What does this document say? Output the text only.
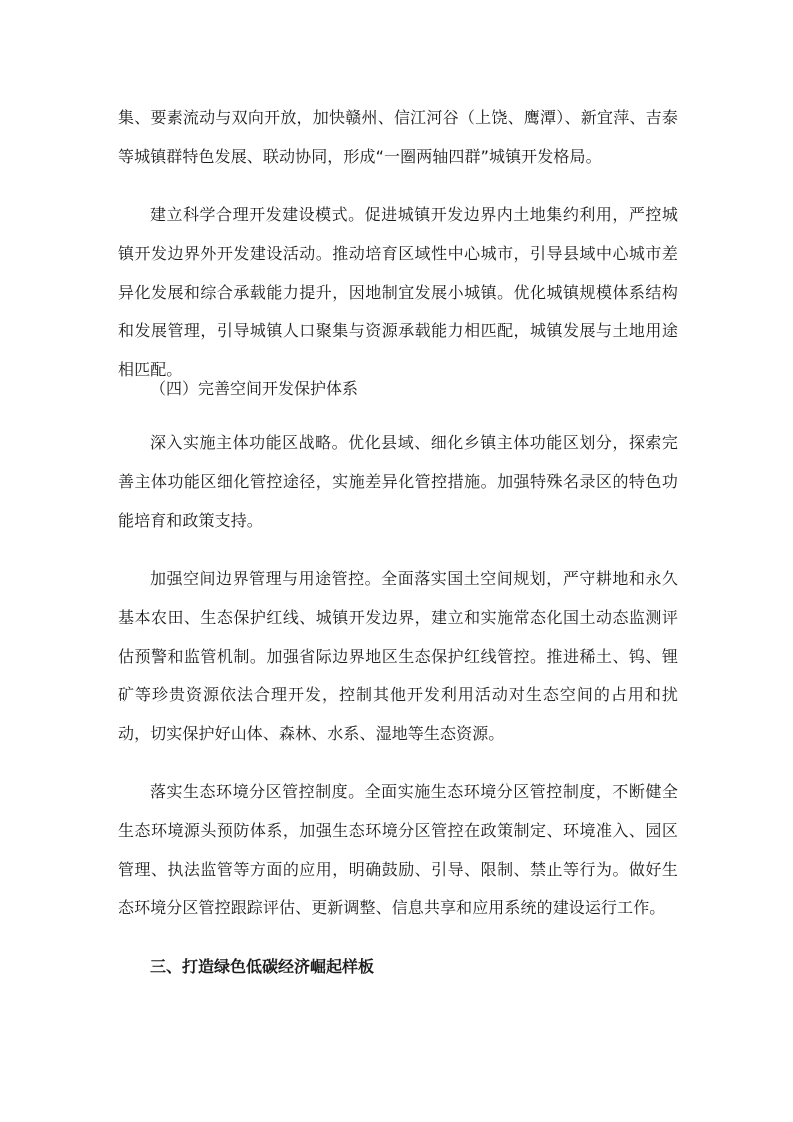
集、要素流动与双向开放，加快赣州、信江河谷（上饶、鹰潭）、新宜萍、吉泰等城镇群特色发展、联动协同，形成“一圈两轴四群”城镇开发格局。

建立科学合理开发建设模式。促进城镇开发边界内土地集约利用，严控城镇开发边界外开发建设活动。推动培育区域性中心城市，引导县域中心城市差异化发展和综合承载能力提升，因地制宜发展小城镇。优化城镇规模体系结构和发展管理，引导城镇人口聚集与资源承载能力相匹配，城镇发展与土地用途相匹配。

（四）完善空间开发保护体系

深入实施主体功能区战略。优化县域、细化乡镇主体功能区划分，探索完善主体功能区细化管控途径，实施差异化管控措施。加强特殊名录区的特色功能培育和政策支持。

加强空间边界管理与用途管控。全面落实国土空间规划，严守耕地和永久基本农田、生态保护红线、城镇开发边界，建立和实施常态化国土动态监测评估预警和监管机制。加强省际边界地区生态保护红线管控。推进稀土、钨、锂矿等珍贵资源依法合理开发，控制其他开发利用活动对生态空间的占用和扰动，切实保护好山体、森林、水系、湿地等生态资源。

落实生态环境分区管控制度。全面实施生态环境分区管控制度，不断健全生态环境源头预防体系，加强生态环境分区管控在政策制定、环境准入、园区管理、执法监管等方面的应用，明确鼓励、引导、限制、禁止等行为。做好生态环境分区管控跟踪评估、更新调整、信息共享和应用系统的建设运行工作。

三、打造绿色低碳经济崛起样板
